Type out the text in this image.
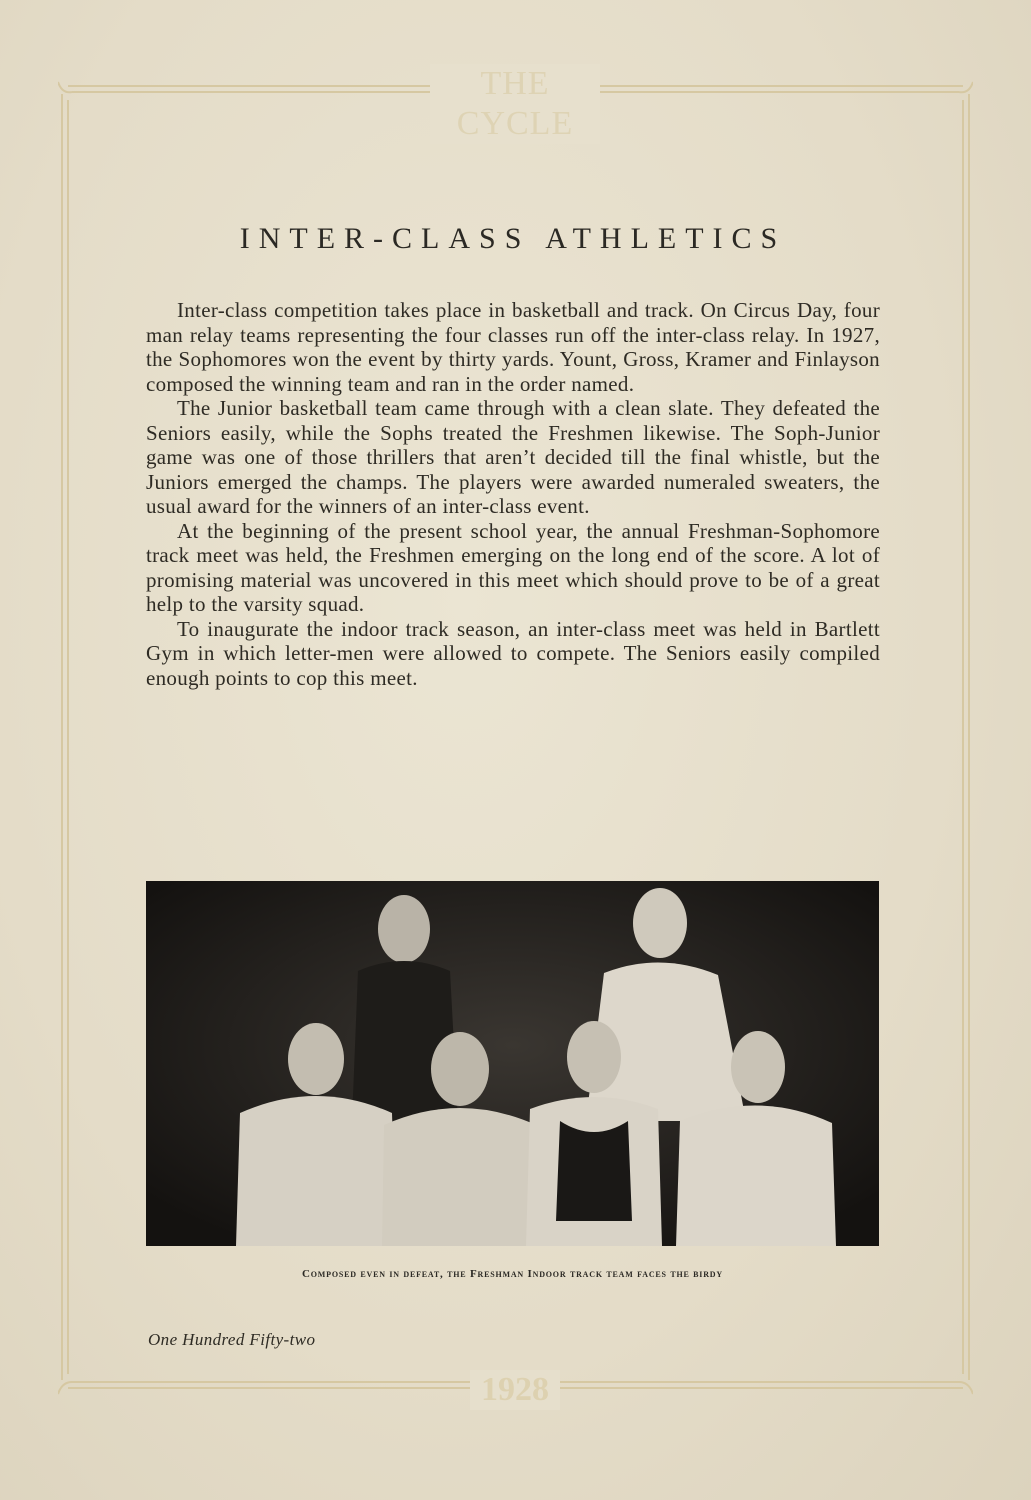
THE CYCLE
1928
INTER-CLASS ATHLETICS

Inter-class competition takes place in basketball and track. On Circus Day, four man relay teams representing the four classes run off the inter-class relay. In 1927, the Sophomores won the event by thirty yards. Yount, Gross, Kramer and Finlayson composed the winning team and ran in the order named.

The Junior basketball team came through with a clean slate. They defeated the Seniors easily, while the Sophs treated the Freshmen likewise. The Soph-Junior game was one of those thrillers that aren’t decided till the final whistle, but the Juniors emerged the champs. The players were awarded numeraled sweaters, the usual award for the winners of an inter-class event.

At the beginning of the present school year, the annual Freshman-Sophomore track meet was held, the Freshmen emerging on the long end of the score. A lot of promising material was uncovered in this meet which should prove to be of a great help to the varsity squad.

To inaugurate the indoor track season, an inter-class meet was held in Bartlett Gym in which letter-men were allowed to compete. The Seniors easily compiled enough points to cop this meet.

Composed even in defeat, the Freshman Indoor track team faces the birdy
One Hundred Fifty-two
